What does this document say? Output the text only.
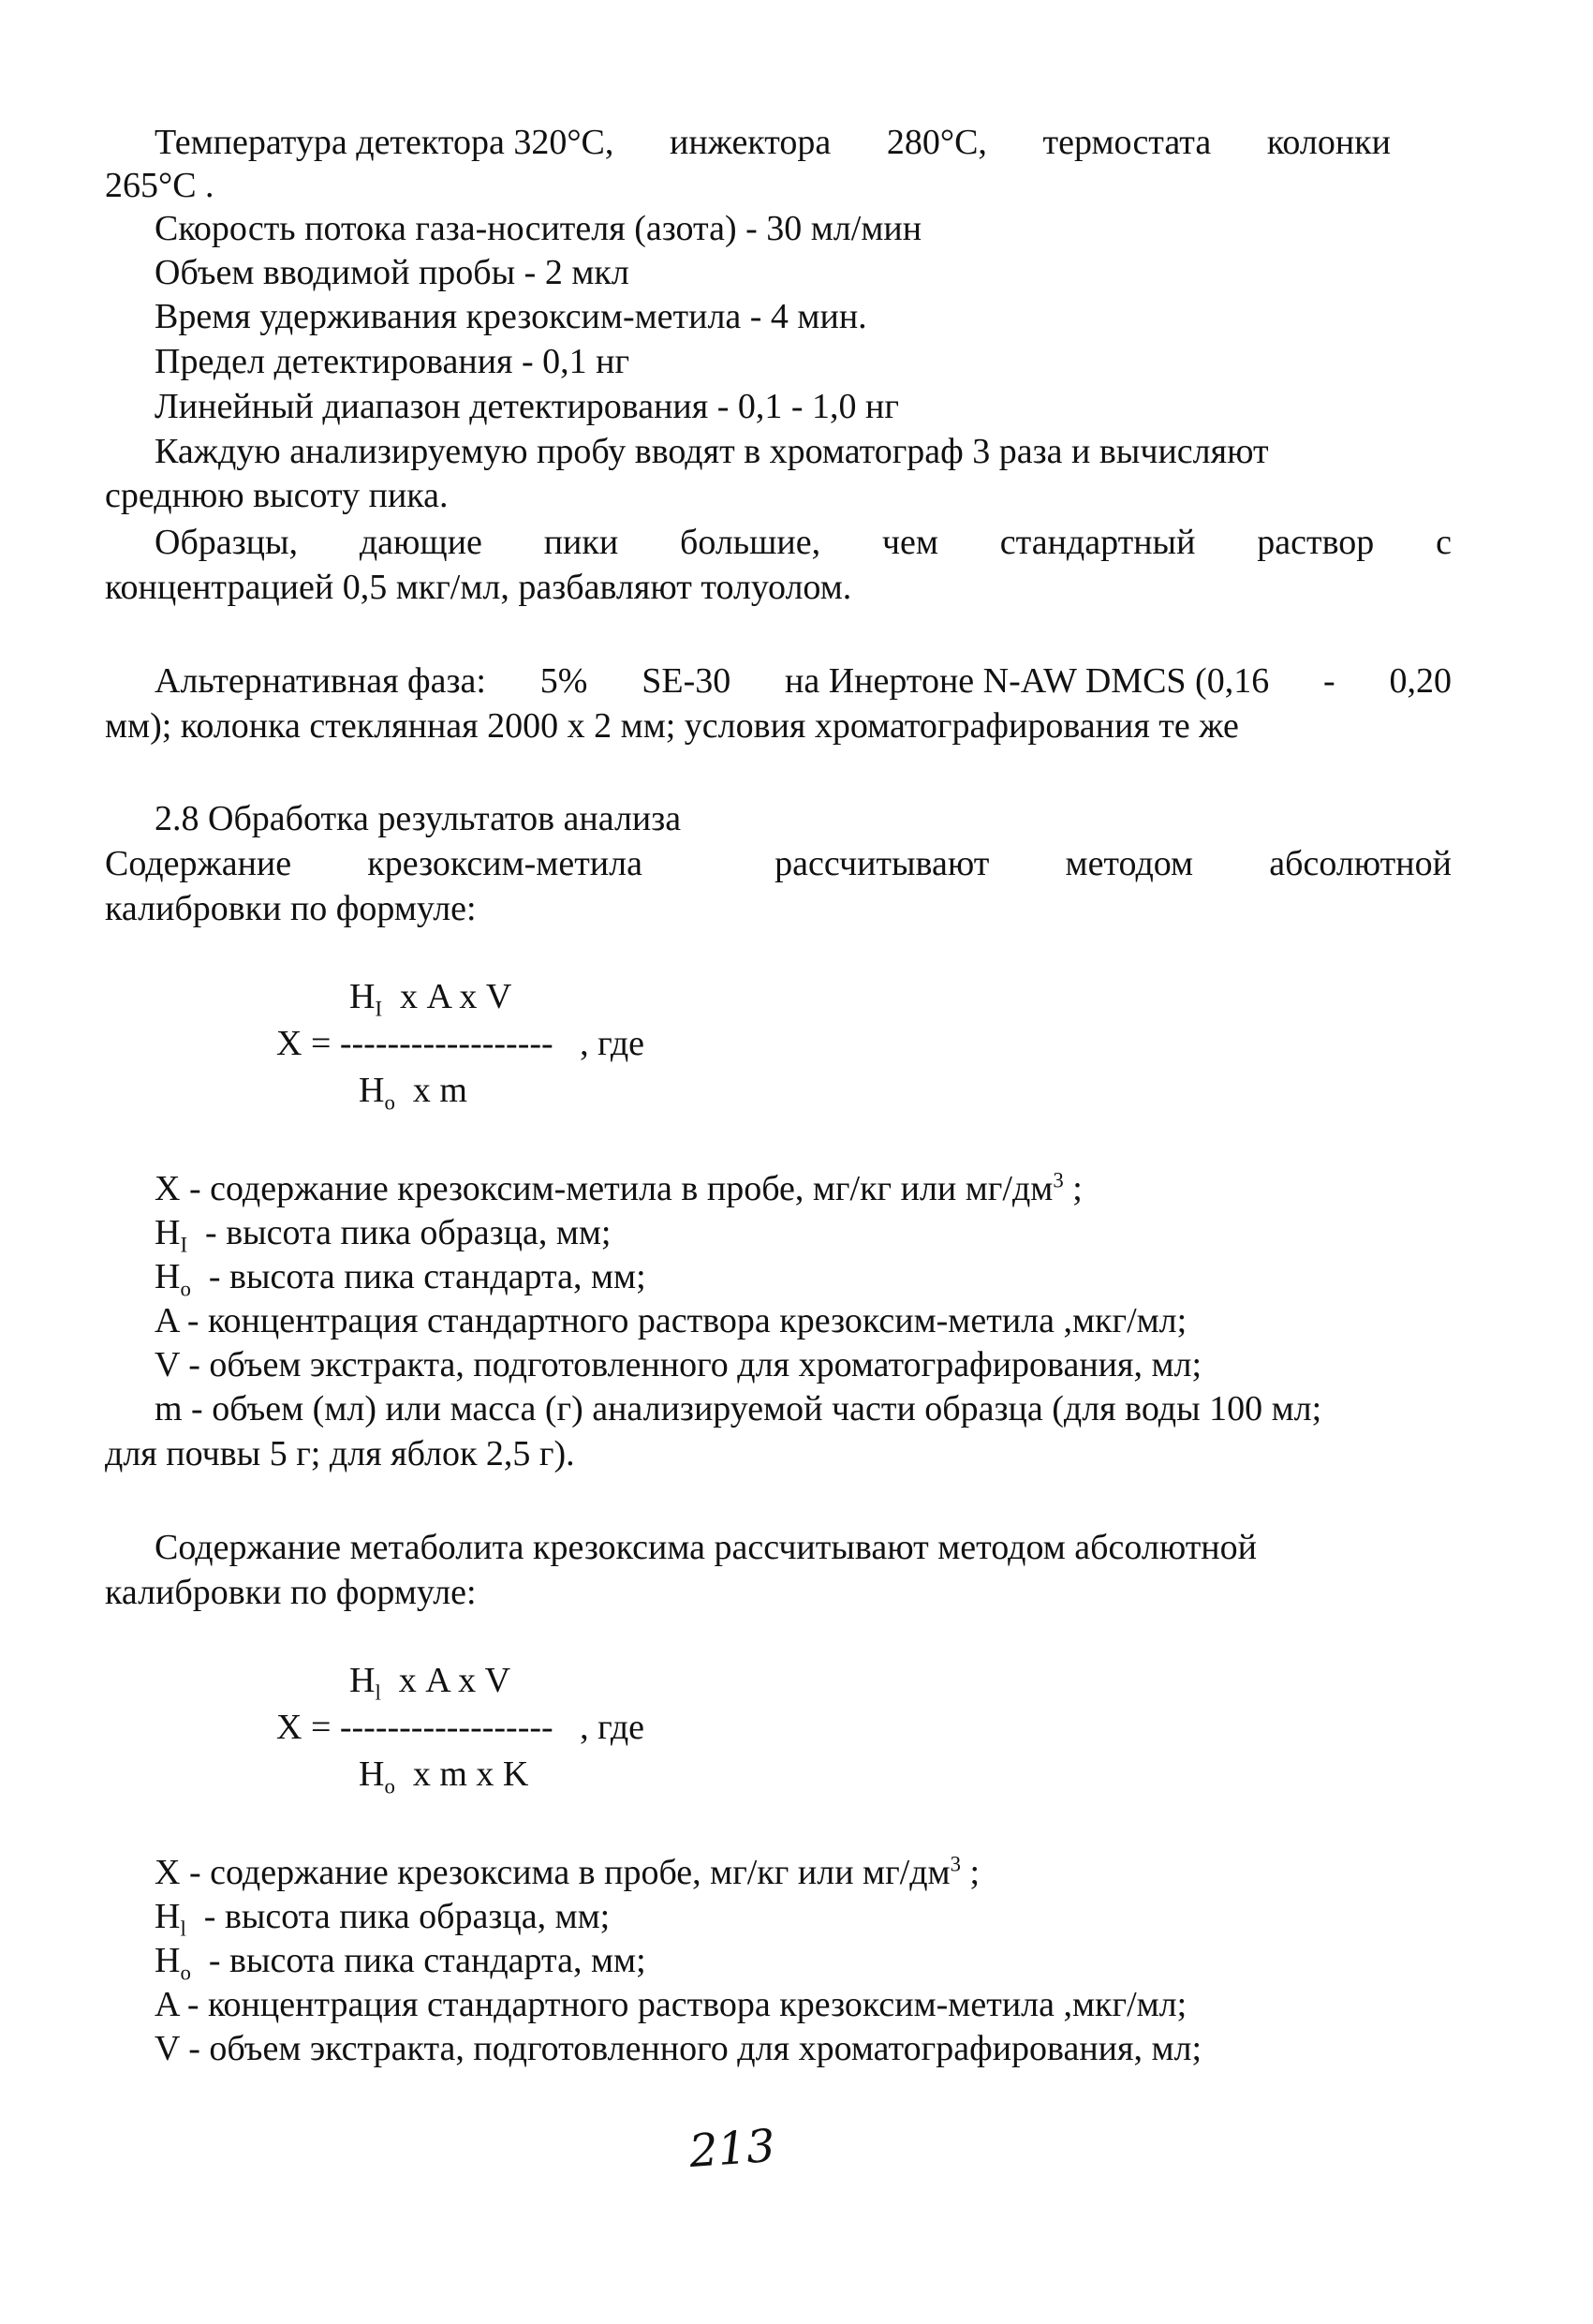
Температура детектора 320°С, инжектора 280°С, термостата колонки
265°С .
Скорость потока газа-носителя (азота) - 30 мл/мин
Объем вводимой пробы - 2 мкл
Время удерживания крезоксим-метила - 4 мин.
Предел детектирования - 0,1 нг
Линейный диапазон детектирования - 0,1 - 1,0 нг
Каждую анализируемую пробу вводят в хроматограф 3 раза и вычисляют
среднюю высоту пика.
Образцы, дающие пики большие, чем стандартный раствор с
концентрацией 0,5 мкг/мл, разбавляют толуолом.
Альтернативная фаза: 5% SE-30 на Инертоне N-AW DMCS (0,16 - 0,20
мм); колонка стеклянная 2000 х 2 мм; условия хроматографирования те же
2.8 Обработка результатов анализа
Содержание крезоксим-метила	рассчитывают методом абсолютной
калибровки по формуле:
$H_I$ х A х V
X = ------------------ , где
$H_o$ х m
X - содержание крезоксим-метила в пробе, мг/кг или $мг/дм^3$ ;
$H_I$ - высота пика образца, мм;
$H_o$ - высота пика стандарта, мм;
A - концентрация стандартного раствора крезоксим-метила ,мкг/мл;
V - объем экстракта, подготовленного для хроматографирования, мл;
m - объем (мл) или масса (г) анализируемой части образца (для воды 100 мл;
для почвы 5 г; для яблок 2,5 г).
Содержание метаболита крезоксима рассчитывают методом абсолютной
калибровки по формуле:
$H_l$ х A х V
X = ------------------ , где
$H_o$ х m х K
X - содержание крезоксима в пробе, мг/кг или $мг/дм^3$ ;
$H_l$ - высота пика образца, мм;
$H_o$ - высота пика стандарта, мм;
A - концентрация стандартного раствора крезоксим-метила ,мкг/мл;
V - объем экстракта, подготовленного для хроматографирования, мл;
213
